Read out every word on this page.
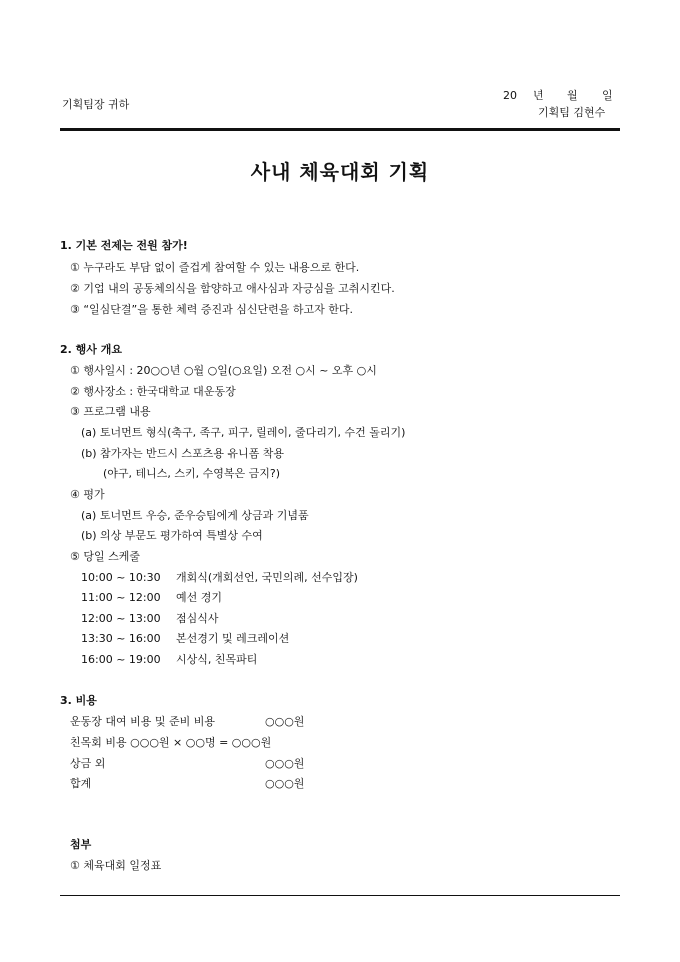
기획팀장 귀하
20 년 월 일
기획팀 김현수
사내 체육대회 기획
1. 기본 전제는 전원 참가!
① 누구라도 부담 없이 즐겁게 참여할 수 있는 내용으로 한다.
② 기업 내의 공동체의식을 함양하고 애사심과 자긍심을 고취시킨다.
③ “일심단결”을 통한 체력 증진과 심신단련을 하고자 한다.
2. 행사 개요
① 행사일시 : 20○○년 ○월 ○일(○요일) 오전 ○시 ~ 오후 ○시
② 행사장소 : 한국대학교 대운동장
③ 프로그램 내용
(a) 토너먼트 형식(축구, 족구, 피구, 릴레이, 줄다리기, 수건 돌리기)
(b) 참가자는 반드시 스포츠용 유니폼 착용
(야구, 테니스, 스키, 수영복은 금지?)
④ 평가
(a) 토너먼트 우승, 준우승팀에게 상금과 기념품
(b) 의상 부문도 평가하여 특별상 수여
⑤ 당일 스케줄
10:00 ~ 10:30 개회식(개회선언, 국민의례, 선수입장)
11:00 ~ 12:00 예선 경기
12:00 ~ 13:00 점심식사
13:30 ~ 16:00 본선경기 및 레크레이션
16:00 ~ 19:00 시상식, 친목파티
3. 비용
운동장 대여 비용 및 준비 비용	○○○원
친목회 비용 ○○○원 × ○○명 = ○○○원
상금 외	○○○원
합계	○○○원
첨부
① 체육대회 일정표
